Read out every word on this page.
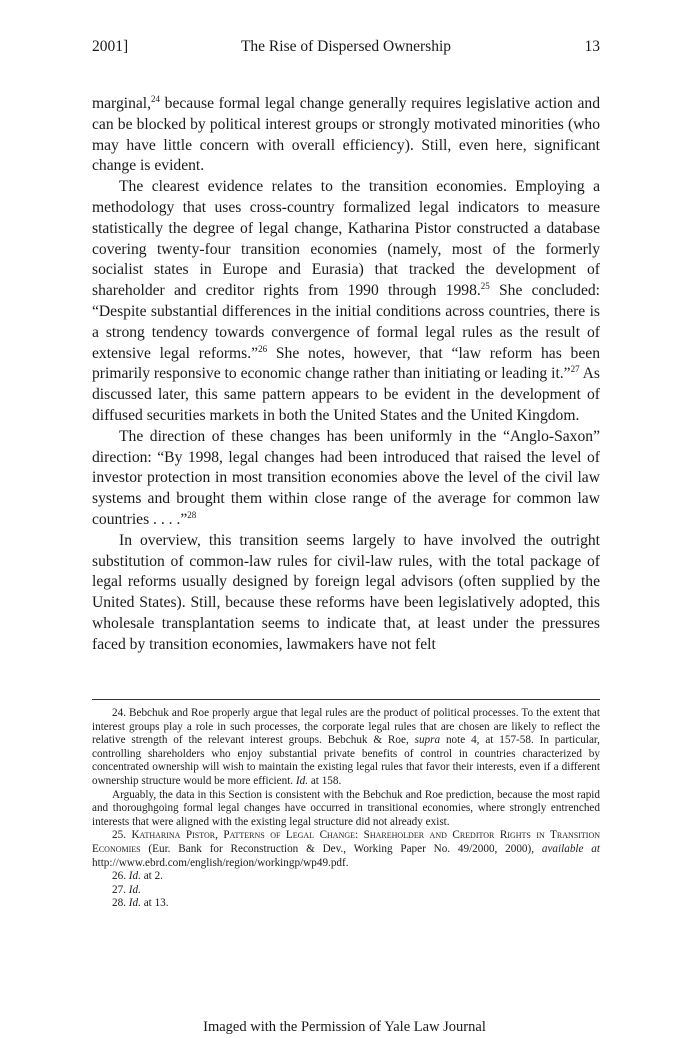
2001]	The Rise of Dispersed Ownership	13

marginal,$^{24}$ because formal legal change generally requires legislative action and can be blocked by political interest groups or strongly motivated minorities (who may have little concern with overall efficiency). Still, even here, significant change is evident.

The clearest evidence relates to the transition economies. Employing a methodology that uses cross-country formalized legal indicators to measure statistically the degree of legal change, Katharina Pistor constructed a database covering twenty-four transition economies (namely, most of the formerly socialist states in Europe and Eurasia) that tracked the development of shareholder and creditor rights from 1990 through 1998.25 She concluded: “Despite substantial differences in the initial conditions across countries, there is a strong tendency towards convergence of formal legal rules as the result of extensive legal reforms.”$^{26}$ She notes, however, that “law reform has been primarily responsive to economic change rather than initiating or leading it.”$^{27}$ As discussed later, this same pattern appears to be evident in the development of diffused securities markets in both the United States and the United Kingdom.

The direction of these changes has been uniformly in the “Anglo-Saxon” direction: “By 1998, legal changes had been introduced that raised the level of investor protection in most transition economies above the level of the civil law systems and brought them within close range of the average for common law countries . . . .”$^{28}$

In overview, this transition seems largely to have involved the outright substitution of common-law rules for civil-law rules, with the total package of legal reforms usually designed by foreign legal advisors (often supplied by the United States). Still, because these reforms have been legislatively adopted, this wholesale transplantation seems to indicate that, at least under the pressures faced by transition economies, lawmakers have not felt

24. Bebchuk and Roe properly argue that legal rules are the product of political processes. To the extent that interest groups play a role in such processes, the corporate legal rules that are chosen are likely to reflect the relative strength of the relevant interest groups. Bebchuk & Roe, supra note 4, at 157-58. In particular, controlling shareholders who enjoy substantial private benefits of control in countries characterized by concentrated ownership will wish to maintain the existing legal rules that favor their interests, even if a different ownership structure would be more efficient. Id. at 158.

Arguably, the data in this Section is consistent with the Bebchuk and Roe prediction, because the most rapid and thoroughgoing formal legal changes have occurred in transitional economies, where strongly entrenched interests that were aligned with the existing legal structure did not already exist.

25. Katharina Pistor, Patterns of Legal Change: Shareholder and Creditor Rights in Transition Economies (Eur. Bank for Reconstruction & Dev., Working Paper No. 49/2000, 2000), available at http://www.ebrd.com/english/region/workingp/wp49.pdf.

26. Id. at 2.

27. Id.

28. Id. at 13.

Imaged with the Permission of Yale Law Journal
